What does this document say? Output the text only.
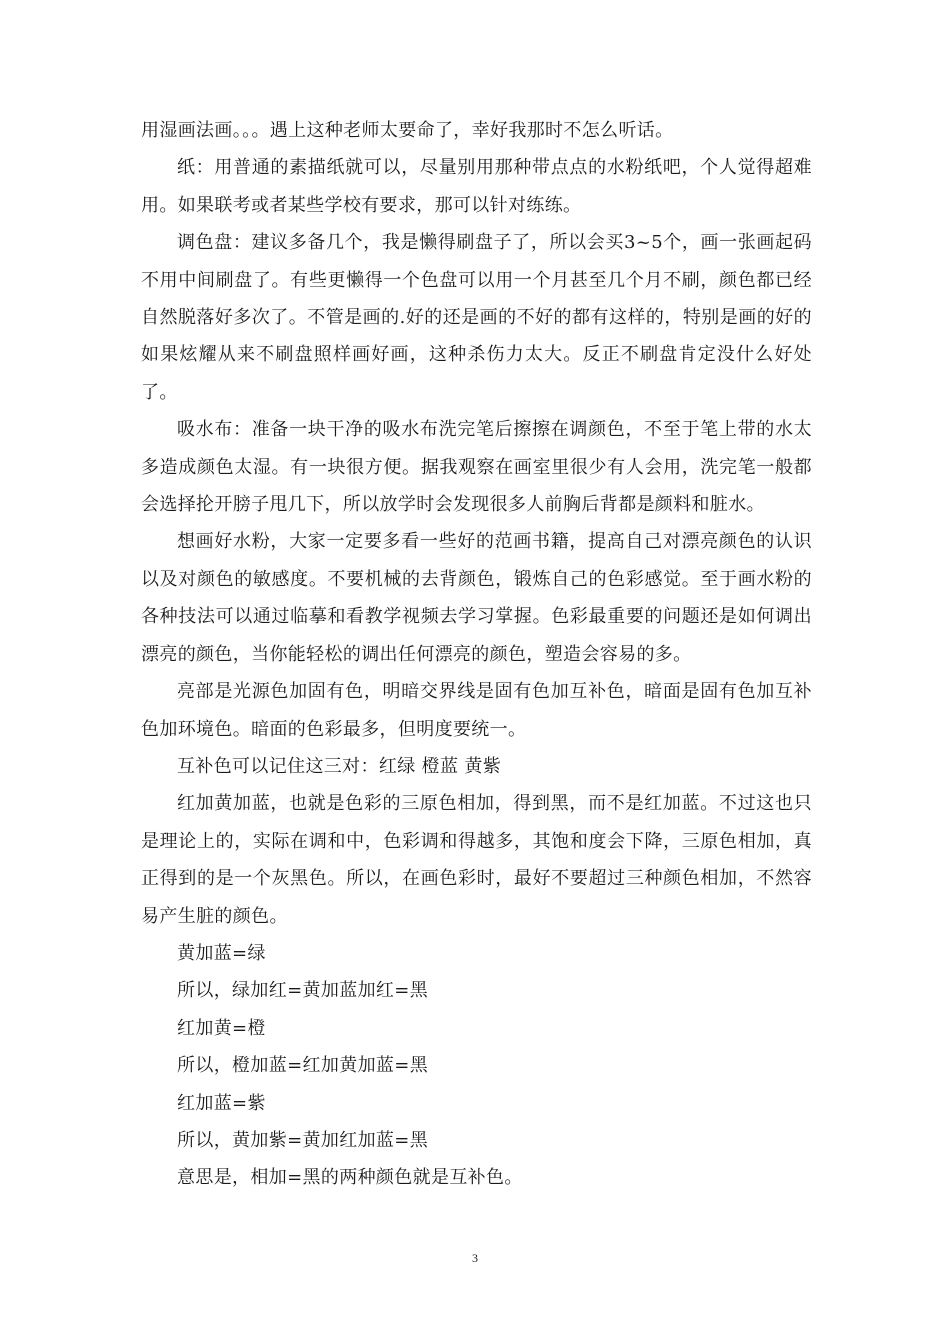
用湿画法画。。。遇上这种老师太要命了，幸好我那时不怎么听话。

纸：用普通的素描纸就可以，尽量别用那种带点点的水粉纸吧，个人觉得超难用。如果联考或者某些学校有要求，那可以针对练练。

调色盘：建议多备几个，我是懒得刷盘子了，所以会买3~5个，画一张画起码不用中间刷盘了。有些更懒得一个色盘可以用一个月甚至几个月不刷，颜色都已经自然脱落好多次了。不管是画的.好的还是画的不好的都有这样的，特别是画的好的如果炫耀从来不刷盘照样画好画，这种杀伤力太大。反正不刷盘肯定没什么好处了。

吸水布：准备一块干净的吸水布洗完笔后擦擦在调颜色，不至于笔上带的水太多造成颜色太湿。有一块很方便。据我观察在画室里很少有人会用，洗完笔一般都会选择抡开膀子甩几下，所以放学时会发现很多人前胸后背都是颜料和脏水。

想画好水粉，大家一定要多看一些好的范画书籍，提高自己对漂亮颜色的认识以及对颜色的敏感度。不要机械的去背颜色，锻炼自己的色彩感觉。至于画水粉的各种技法可以通过临摹和看教学视频去学习掌握。色彩最重要的问题还是如何调出漂亮的颜色，当你能轻松的调出任何漂亮的颜色，塑造会容易的多。

亮部是光源色加固有色，明暗交界线是固有色加互补色，暗面是固有色加互补色加环境色。暗面的色彩最多，但明度要统一。

互补色可以记住这三对：红绿 橙蓝 黄紫

红加黄加蓝，也就是色彩的三原色相加，得到黑，而不是红加蓝。不过这也只是理论上的，实际在调和中，色彩调和得越多，其饱和度会下降，三原色相加，真正得到的是一个灰黑色。所以，在画色彩时，最好不要超过三种颜色相加，不然容易产生脏的颜色。

黄加蓝=绿

所以，绿加红=黄加蓝加红=黑

红加黄=橙

所以，橙加蓝=红加黄加蓝=黑

红加蓝=紫

所以，黄加紫=黄加红加蓝=黑

意思是，相加=黑的两种颜色就是互补色。

3
